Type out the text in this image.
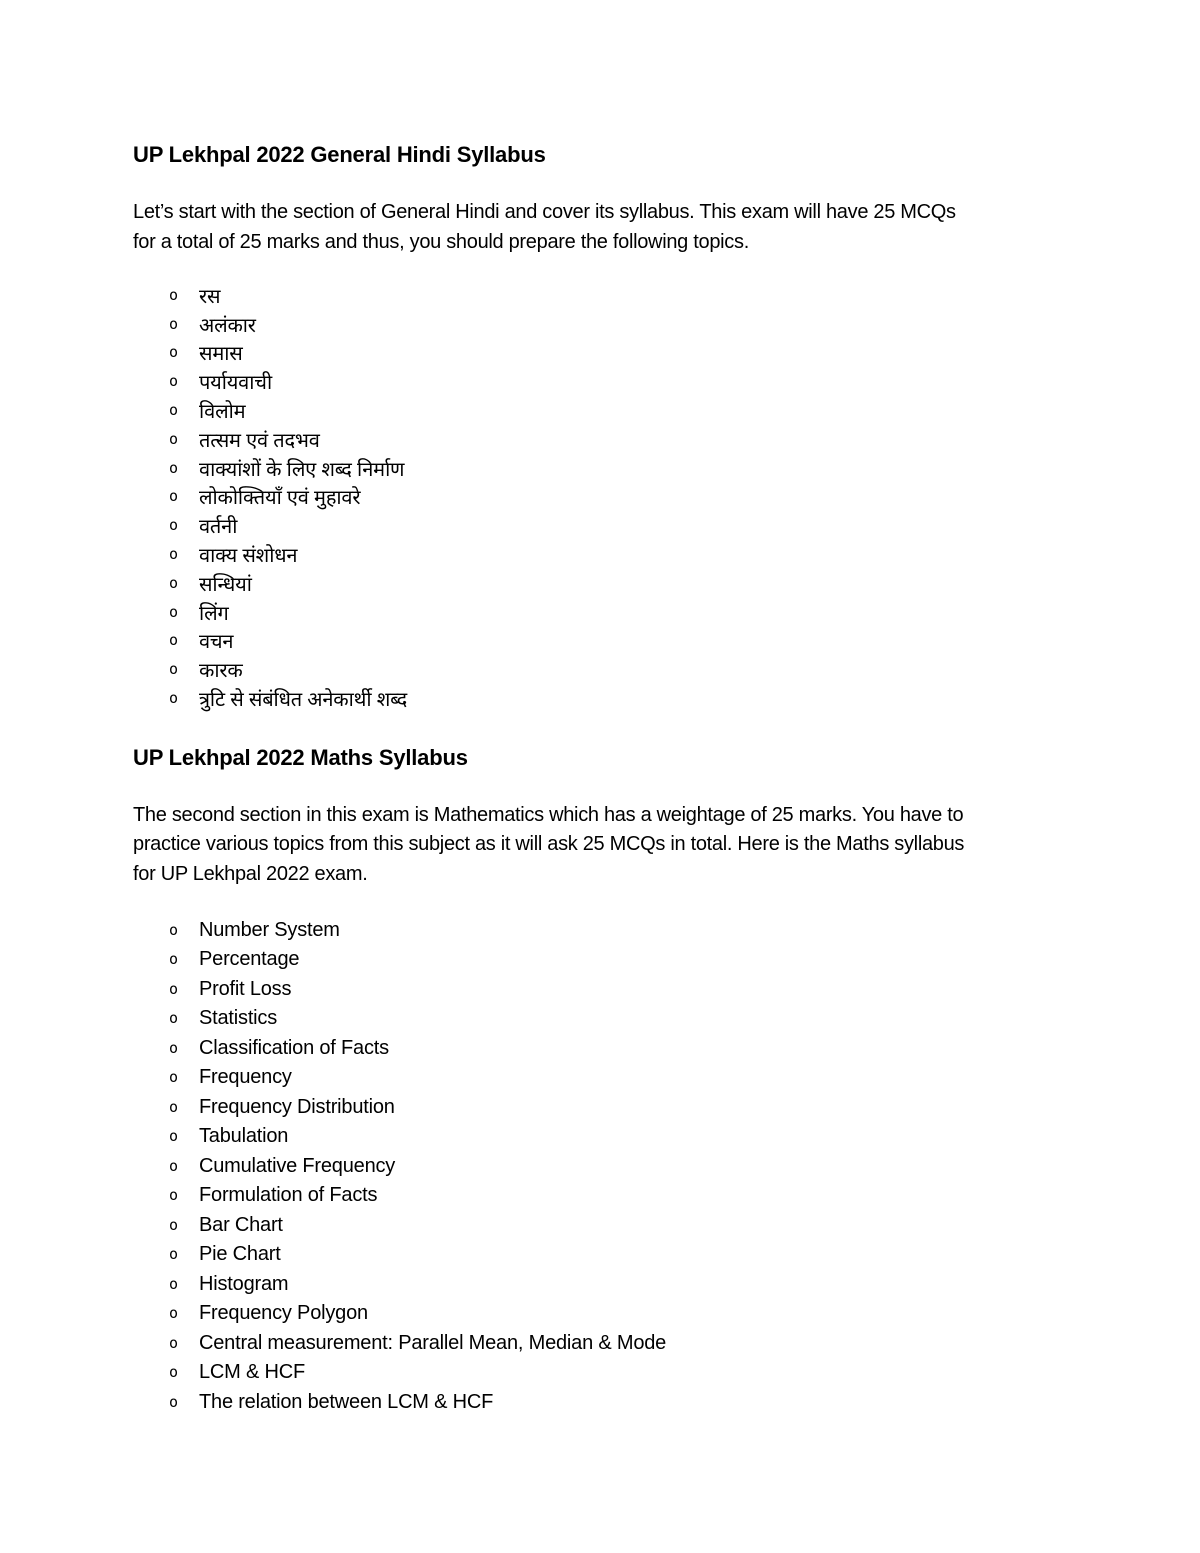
UP Lekhpal 2022 General Hindi Syllabus

Let’s start with the section of General Hindi and cover its syllabus. This exam will have 25 MCQs for a total of 25 marks and thus, you should prepare the following topics.

o	रस
o	अलंकार
o	समास
o	पर्यायवाची
o	विलोम
o	तत्सम एवं तदभव
o	वाक्यांशों के लिए शब्द निर्माण
o	लोकोक्तियाँ एवं मुहावरे
o	वर्तनी
o	वाक्य संशोधन
o	सन्धियां
o	लिंग
o	वचन
o	कारक
o	त्रुटि से संबंधित अनेकार्थी शब्द
UP Lekhpal 2022 Maths Syllabus

The second section in this exam is Mathematics which has a weightage of 25 marks. You have to practice various topics from this subject as it will ask 25 MCQs in total. Here is the Maths syllabus for UP Lekhpal 2022 exam.

o	Number System
o	Percentage
o	Profit Loss
o	Statistics
o	Classification of Facts
o	Frequency
o	Frequency Distribution
o	Tabulation
o	Cumulative Frequency
o	Formulation of Facts
o	Bar Chart
o	Pie Chart
o	Histogram
o	Frequency Polygon
o	Central measurement: Parallel Mean, Median & Mode
o	LCM & HCF
o	The relation between LCM & HCF
